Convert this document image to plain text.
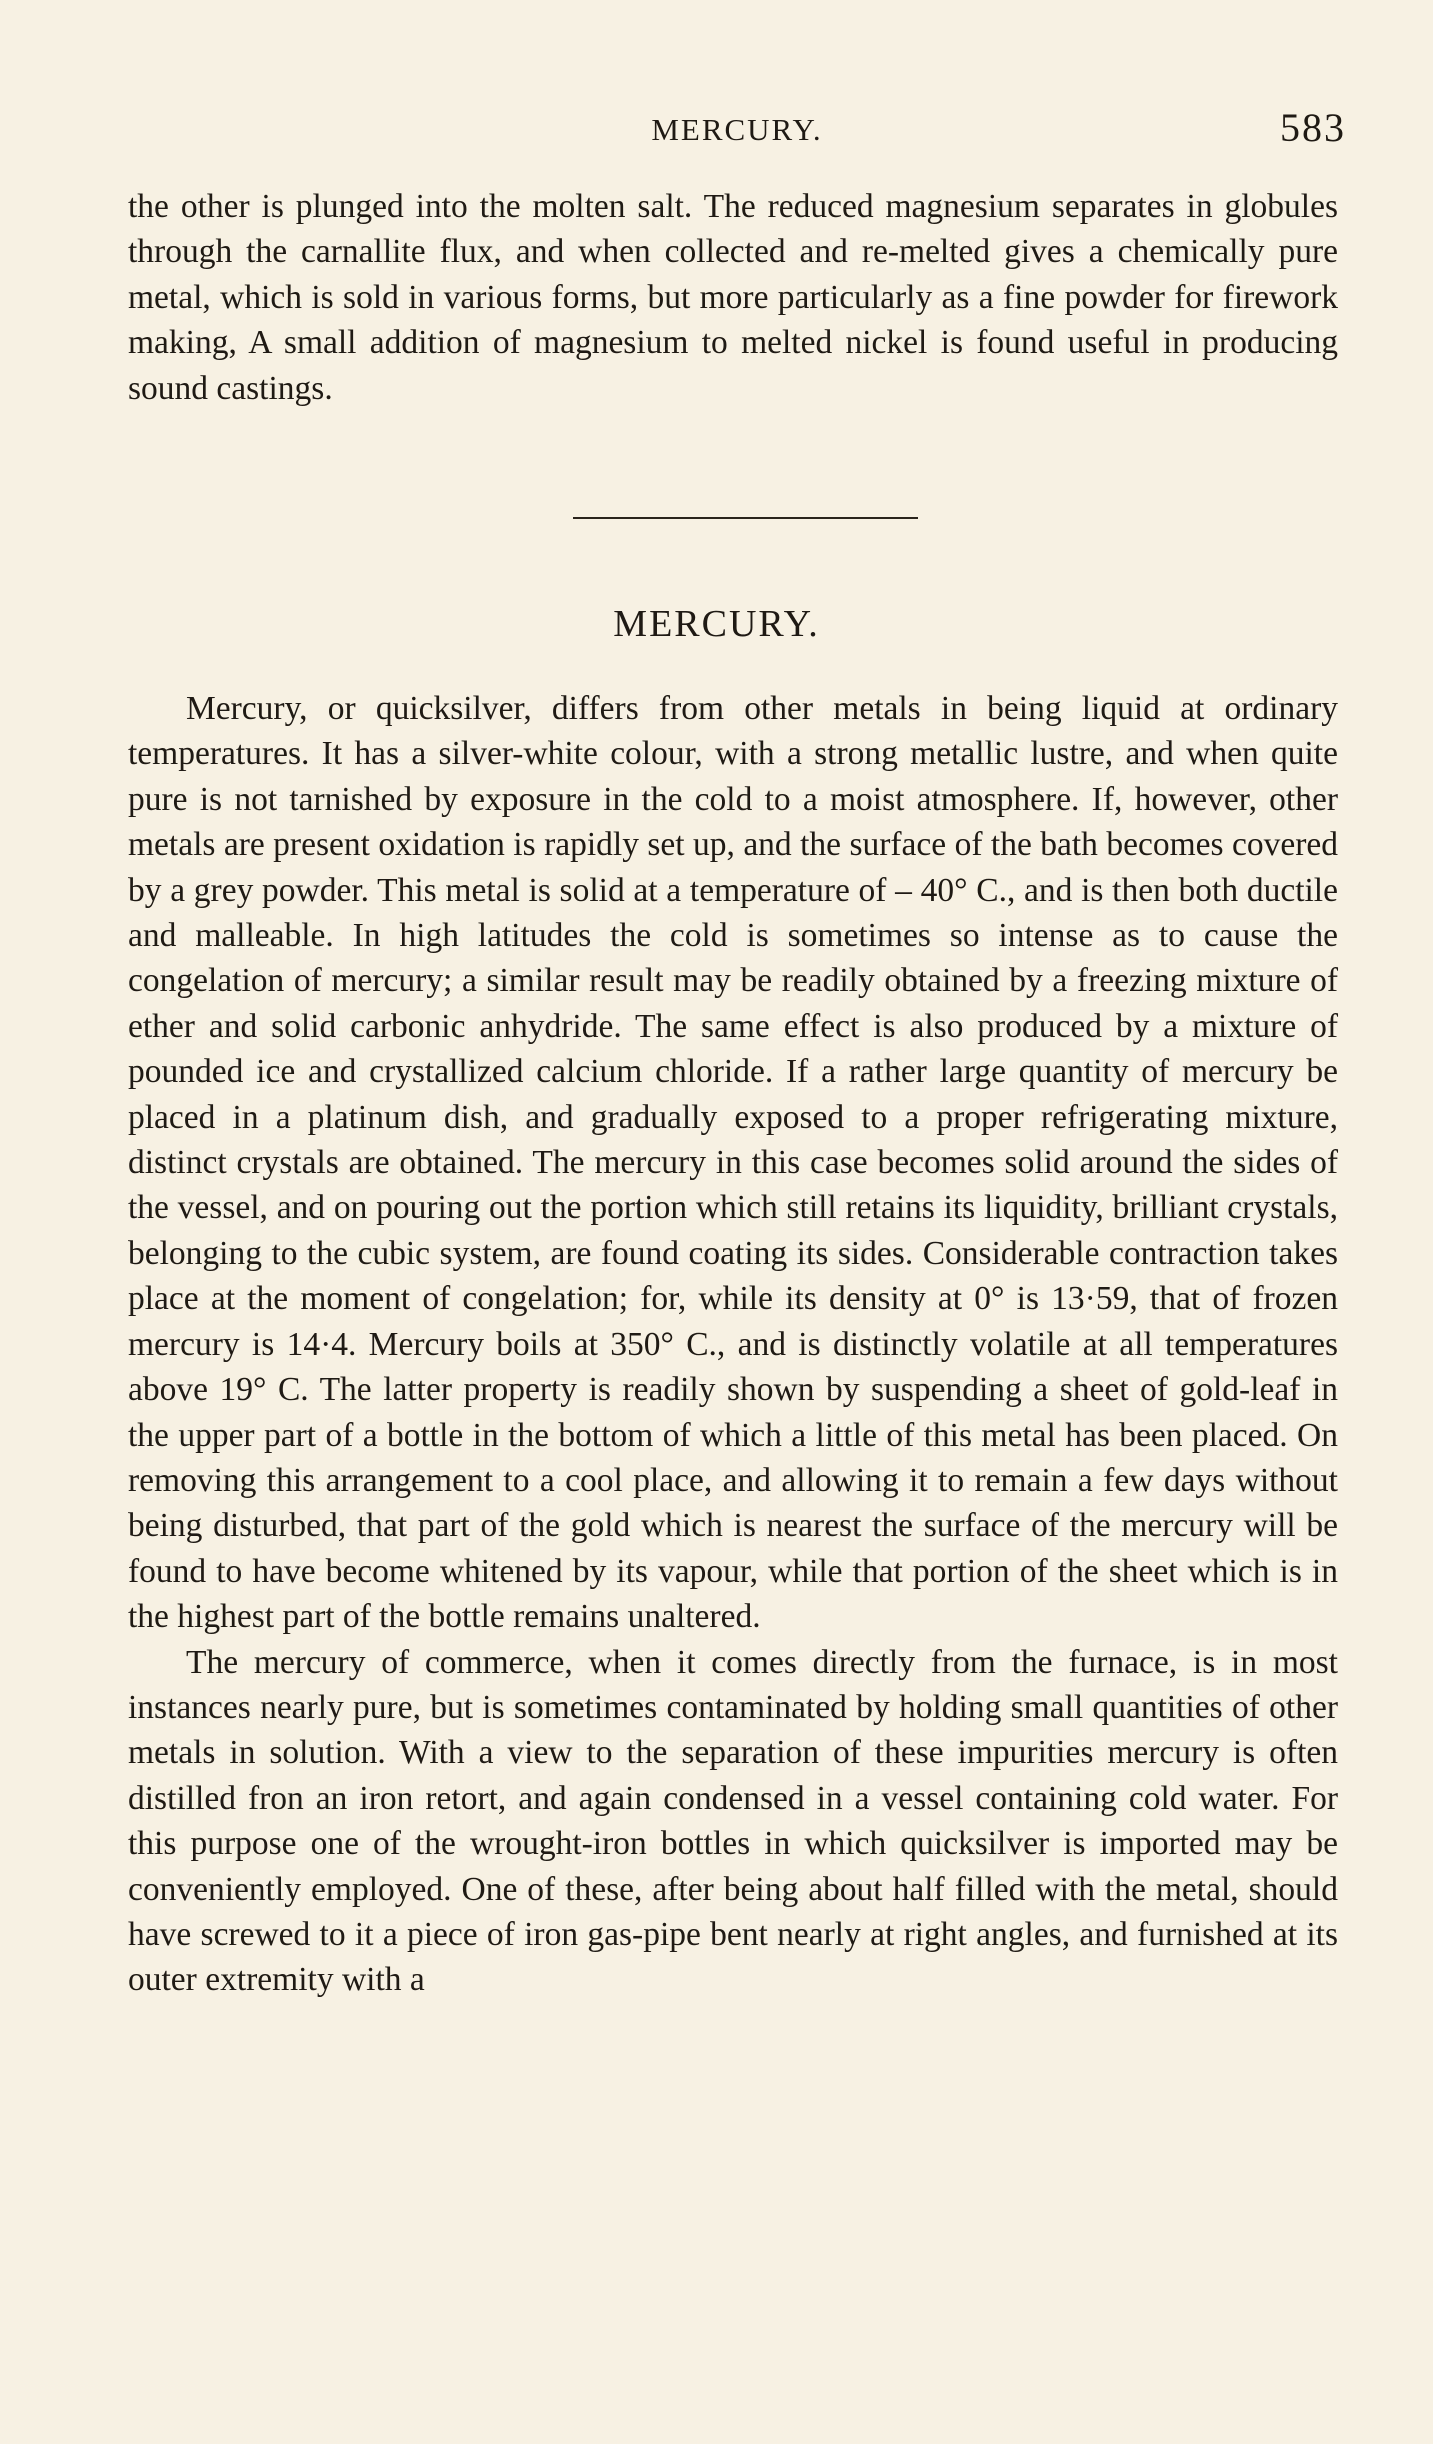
MERCURY.	583

the other is plunged into the molten salt. The reduced magnesium separates in globules through the carnallite flux, and when collected and re-melted gives a chemically pure metal, which is sold in various forms, but more particularly as a fine powder for firework making, A small addition of magnesium to melted nickel is found useful in producing sound castings.

MERCURY.

Mercury, or quicksilver, differs from other metals in being liquid at ordinary temperatures. It has a silver-white colour, with a strong metallic lustre, and when quite pure is not tarnished by exposure in the cold to a moist atmosphere. If, however, other metals are present oxidation is rapidly set up, and the surface of the bath becomes covered by a grey powder. This metal is solid at a temperature of – 40° C., and is then both ductile and malleable. In high latitudes the cold is sometimes so intense as to cause the congelation of mercury; a similar result may be readily obtained by a freezing mixture of ether and solid carbonic anhydride. The same effect is also produced by a mixture of pounded ice and crystallized calcium chloride. If a rather large quantity of mercury be placed in a platinum dish, and gradually exposed to a proper refrigerating mixture, distinct crystals are obtained. The mercury in this case becomes solid around the sides of the vessel, and on pouring out the portion which still retains its liquidity, brilliant crystals, belonging to the cubic system, are found coating its sides. Considerable contraction takes place at the moment of congelation; for, while its density at 0° is 13·59, that of frozen mercury is 14·4. Mercury boils at 350° C., and is distinctly volatile at all temperatures above 19° C. The latter property is readily shown by suspending a sheet of gold-leaf in the upper part of a bottle in the bottom of which a little of this metal has been placed. On removing this arrangement to a cool place, and allowing it to remain a few days without being disturbed, that part of the gold which is nearest the surface of the mercury will be found to have become whitened by its vapour, while that portion of the sheet which is in the highest part of the bottle remains unaltered.

The mercury of commerce, when it comes directly from the furnace, is in most instances nearly pure, but is sometimes contaminated by holding small quantities of other metals in solution. With a view to the separation of these impurities mercury is often distilled fron an iron retort, and again condensed in a vessel containing cold water. For this purpose one of the wrought-iron bottles in which quicksilver is imported may be conveniently employed. One of these, after being about half filled with the metal, should have screwed to it a piece of iron gas-pipe bent nearly at right angles, and furnished at its outer extremity with a
